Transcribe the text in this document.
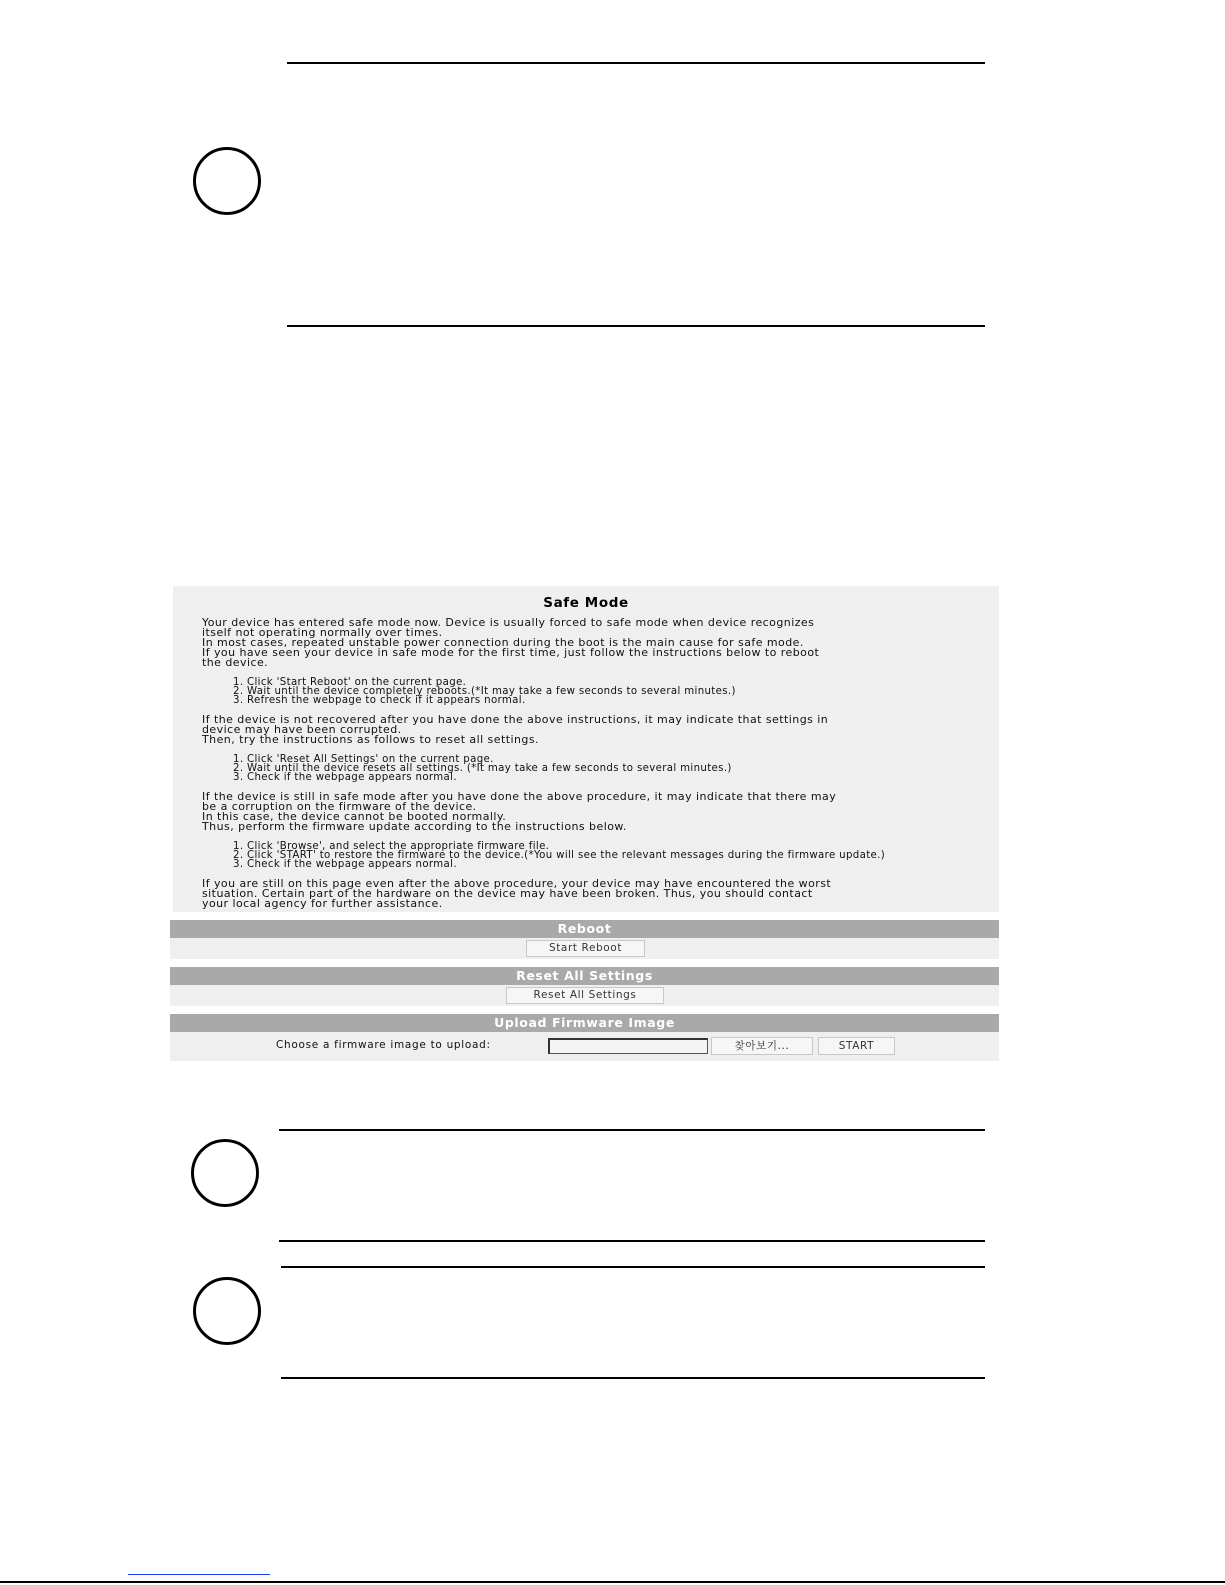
Safe Mode

Your device has entered safe mode now. Device is usually forced to safe mode when device recognizes
itself not operating normally over times.
In most cases, repeated unstable power connection during the boot is the main cause for safe mode.
If you have seen your device in safe mode for the first time, just follow the instructions below to reboot
the device.

1. Click 'Start Reboot' on the current page.
2. Wait until the device completely reboots.(*It may take a few seconds to several minutes.)
3. Refresh the webpage to check if it appears normal.

If the device is not recovered after you have done the above instructions, it may indicate that settings in
device may have been corrupted.
Then, try the instructions as follows to reset all settings.

1. Click 'Reset All Settings' on the current page.
2. Wait until the device resets all settings. (*It may take a few seconds to several minutes.)
3. Check if the webpage appears normal.

If the device is still in safe mode after you have done the above procedure, it may indicate that there may
be a corruption on the firmware of the device.
In this case, the device cannot be booted normally.
Thus, perform the firmware update according to the instructions below.

1. Click 'Browse', and select the appropriate firmware file.
2. Click 'START' to restore the firmware to the device.(*You will see the relevant messages during the firmware update.)
3. Check if the webpage appears normal.

If you are still on this page even after the above procedure, your device may have encountered the worst
situation. Certain part of the hardware on the device may have been broken. Thus, you should contact
your local agency for further assistance.

Reboot
Start Reboot
Reset All Settings
Reset All Settings
Upload Firmware Image
Choose a firmware image to upload:	찾아보기...	START
